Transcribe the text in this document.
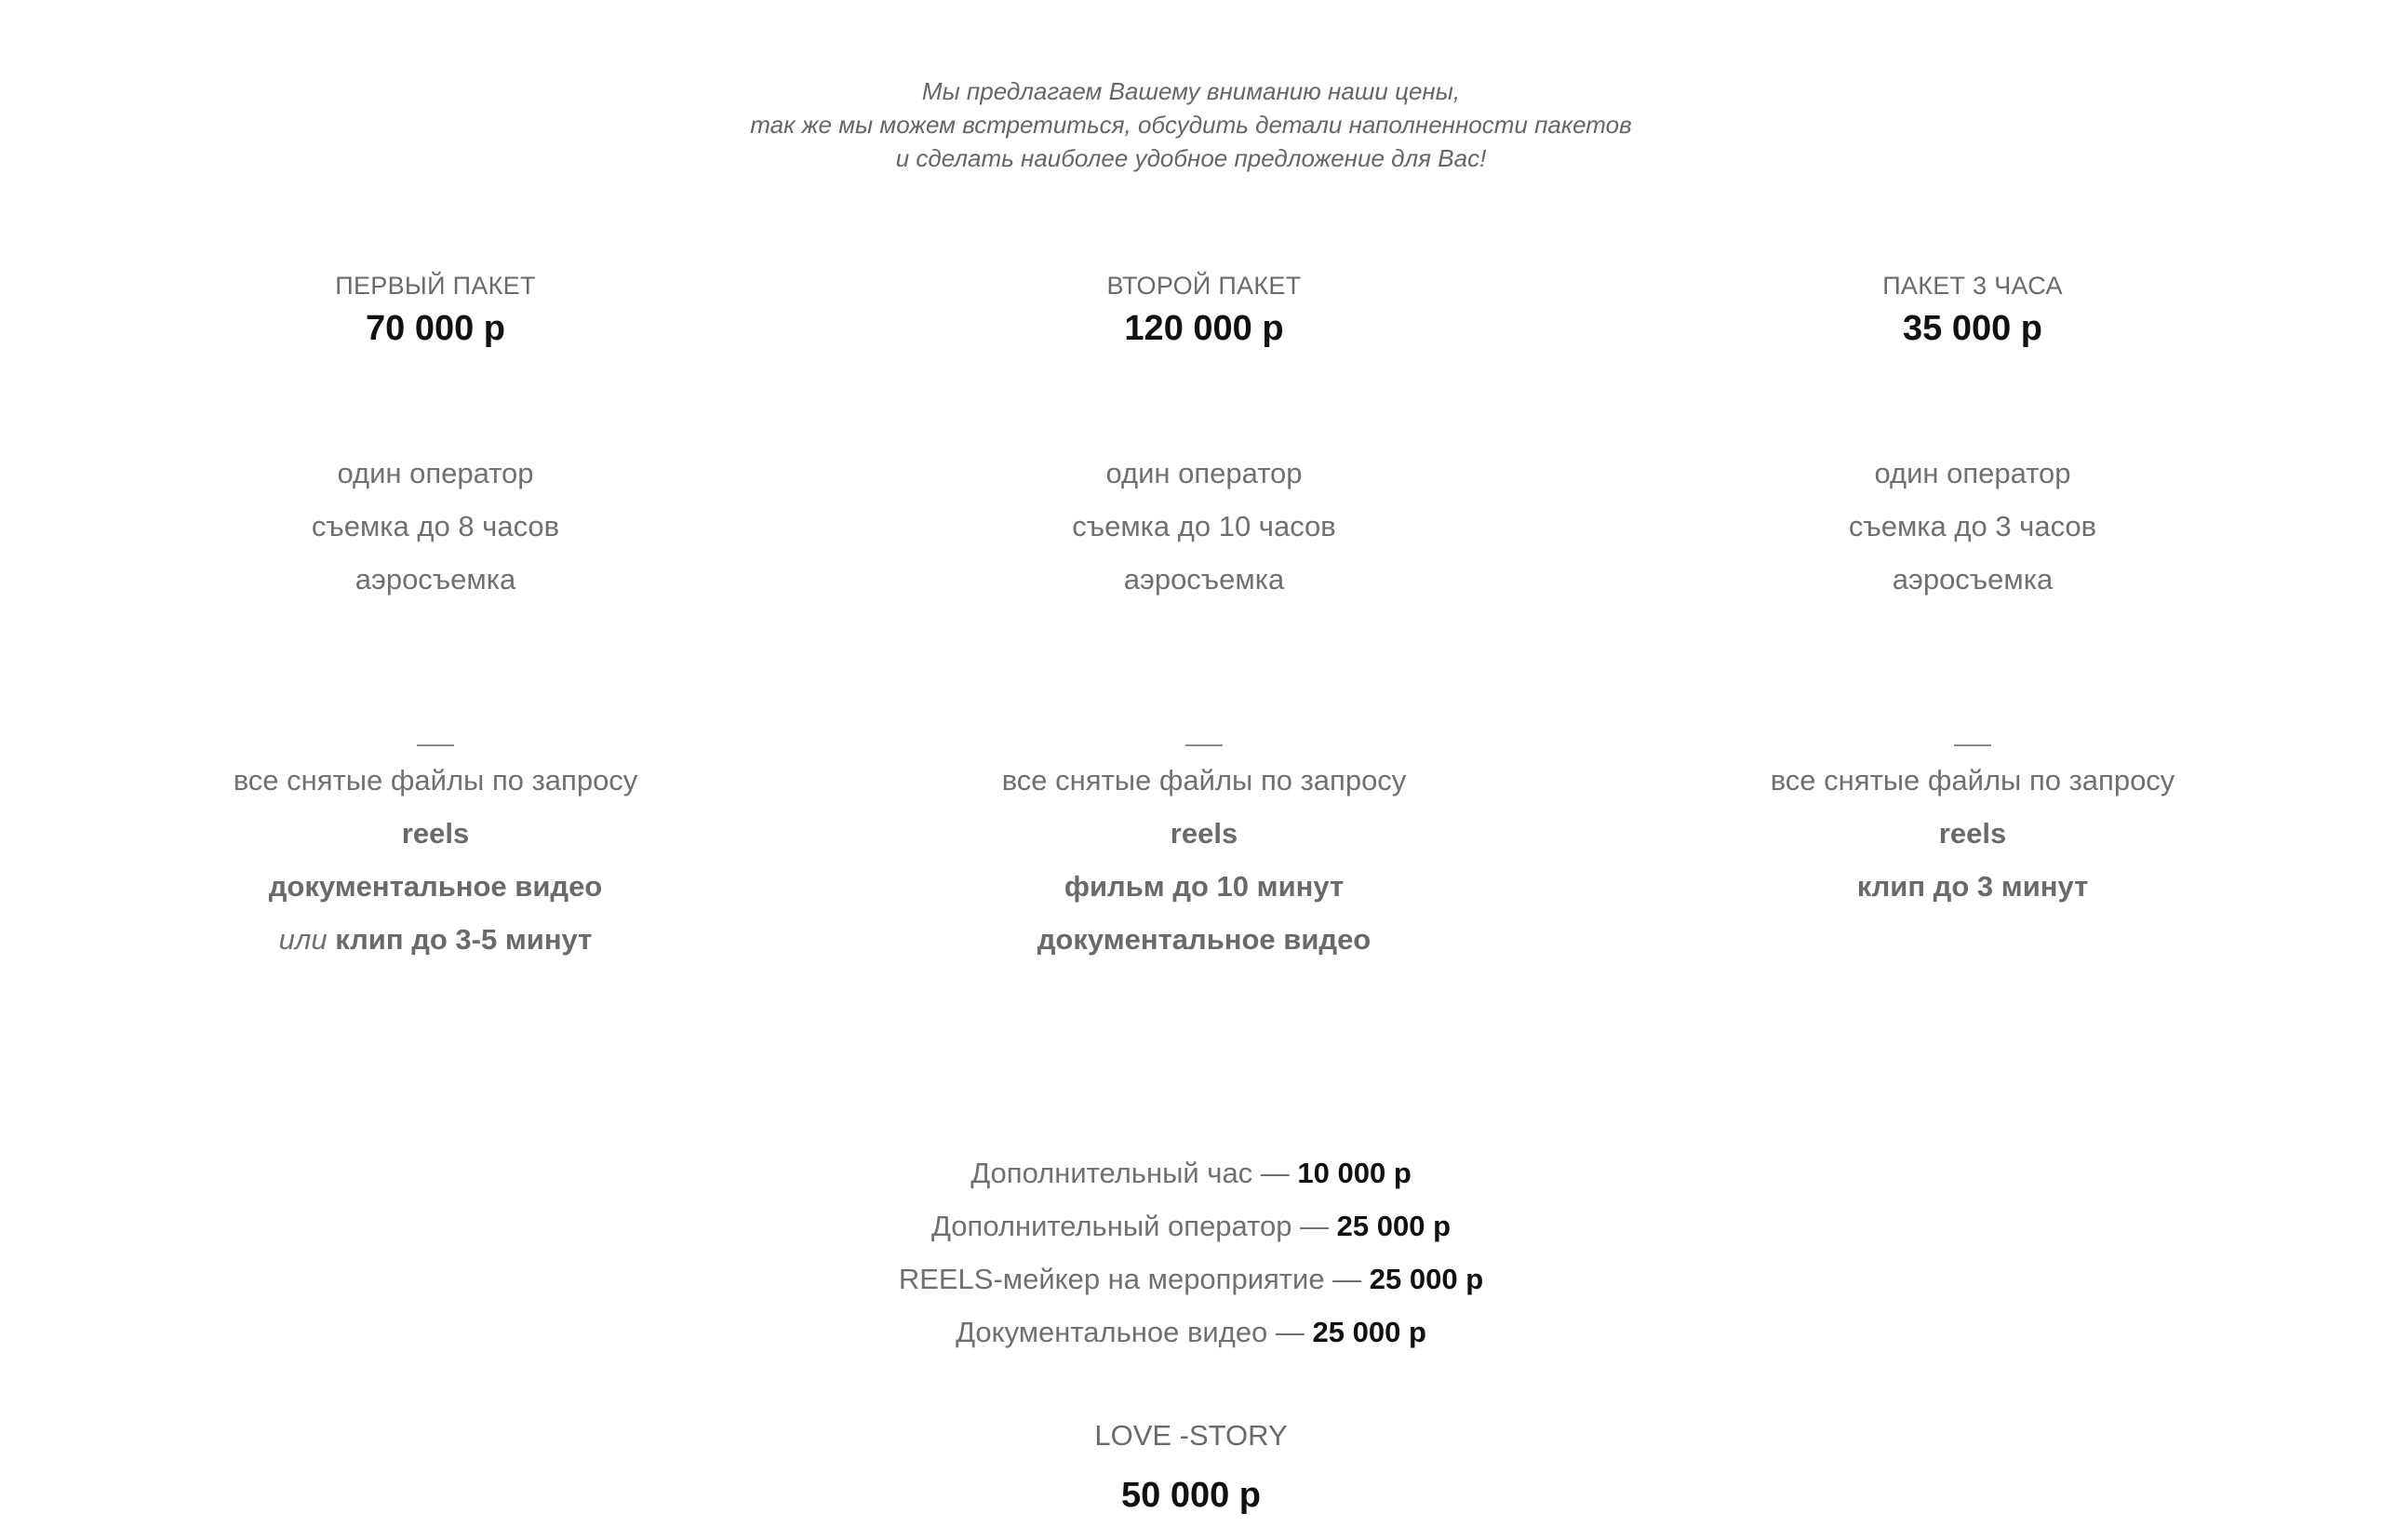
Мы предлагаем Вашему вниманию наши цены,
так же мы можем встретиться, обсудить детали наполненности пакетов
и сделать наиболее удобное предложение для Вас!
ПЕРВЫЙ ПАКЕТ
70 000 р
один оператор
съемка до 8 часов
аэросъемка
все снятые файлы по запросу
reels
документальное видео
или клип до 3-5 минут
ВТОРОЙ ПАКЕТ
120 000 р
один оператор
съемка до 10 часов
аэросъемка
все снятые файлы по запросу
reels
фильм до 10 минут
документальное видео
ПАКЕТ 3 ЧАСА
35 000 р
один оператор
съемка до 3 часов
аэросъемка
все снятые файлы по запросу
reels
клип до 3 минут
Дополнительный час — 10 000 р
Дополнительный оператор — 25 000 р
REELS-мейкер на мероприятие — 25 000 р
Документальное видео — 25 000 р
LOVE -STORY
50 000 р
